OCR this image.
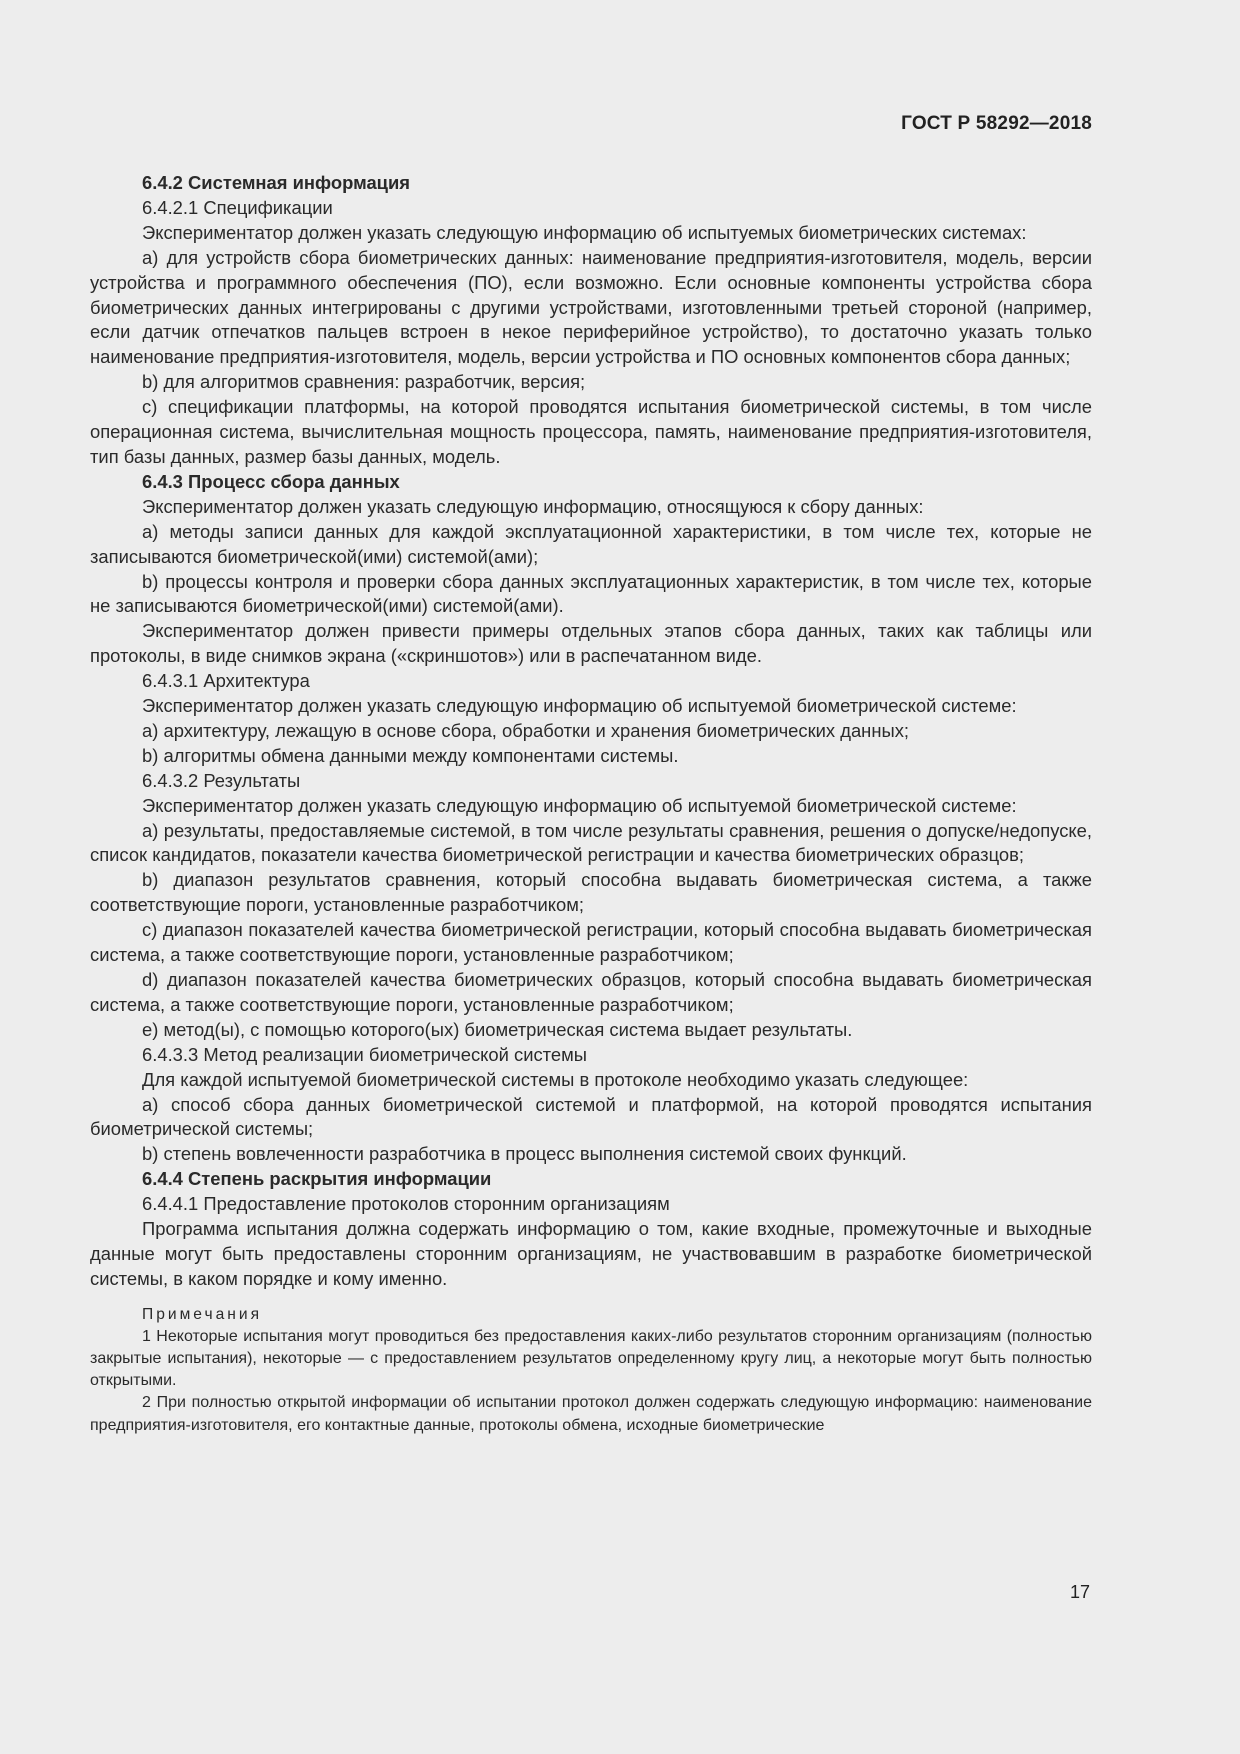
ГОСТ Р 58292—2018

6.4.2 Системная информация

6.4.2.1 Спецификации

Экспериментатор должен указать следующую информацию об испытуемых биометрических системах:

a) для устройств сбора биометрических данных: наименование предприятия-изготовителя, модель, версии устройства и программного обеспечения (ПО), если возможно. Если основные компоненты устройства сбора биометрических данных интегрированы с другими устройствами, изготовленными третьей стороной (например, если датчик отпечатков пальцев встроен в некое периферийное устройство), то достаточно указать только наименование предприятия-изготовителя, модель, версии устройства и ПО основных компонентов сбора данных;

b) для алгоритмов сравнения: разработчик, версия;

c) спецификации платформы, на которой проводятся испытания биометрической системы, в том числе операционная система, вычислительная мощность процессора, память, наименование предприятия-изготовителя, тип базы данных, размер базы данных, модель.

6.4.3 Процесс сбора данных

Экспериментатор должен указать следующую информацию, относящуюся к сбору данных:

a) методы записи данных для каждой эксплуатационной характеристики, в том числе тех, которые не записываются биометрической(ими) системой(ами);

b) процессы контроля и проверки сбора данных эксплуатационных характеристик, в том числе тех, которые не записываются биометрической(ими) системой(ами).

Экспериментатор должен привести примеры отдельных этапов сбора данных, таких как таблицы или протоколы, в виде снимков экрана («скриншотов») или в распечатанном виде.

6.4.3.1 Архитектура

Экспериментатор должен указать следующую информацию об испытуемой биометрической системе:

a) архитектуру, лежащую в основе сбора, обработки и хранения биометрических данных;

b) алгоритмы обмена данными между компонентами системы.

6.4.3.2 Результаты

Экспериментатор должен указать следующую информацию об испытуемой биометрической системе:

a) результаты, предоставляемые системой, в том числе результаты сравнения, решения о допуске/недопуске, список кандидатов, показатели качества биометрической регистрации и качества биометрических образцов;

b) диапазон результатов сравнения, который способна выдавать биометрическая система, а также соответствующие пороги, установленные разработчиком;

c) диапазон показателей качества биометрической регистрации, который способна выдавать биометрическая система, а также соответствующие пороги, установленные разработчиком;

d) диапазон показателей качества биометрических образцов, который способна выдавать биометрическая система, а также соответствующие пороги, установленные разработчиком;

e) метод(ы), с помощью которого(ых) биометрическая система выдает результаты.

6.4.3.3 Метод реализации биометрической системы

Для каждой испытуемой биометрической системы в протоколе необходимо указать следующее:

a) способ сбора данных биометрической системой и платформой, на которой проводятся испытания биометрической системы;

b) степень вовлеченности разработчика в процесс выполнения системой своих функций.

6.4.4 Степень раскрытия информации

6.4.4.1 Предоставление протоколов сторонним организациям

Программа испытания должна содержать информацию о том, какие входные, промежуточные и выходные данные могут быть предоставлены сторонним организациям, не участвовавшим в разработке биометрической системы, в каком порядке и кому именно.

Примечания

1 Некоторые испытания могут проводиться без предоставления каких-либо результатов сторонним организациям (полностью закрытые испытания), некоторые — с предоставлением результатов определенному кругу лиц, а некоторые могут быть полностью открытыми.

2 При полностью открытой информации об испытании протокол должен содержать следующую информацию: наименование предприятия-изготовителя, его контактные данные, протоколы обмена, исходные биометрические

17
